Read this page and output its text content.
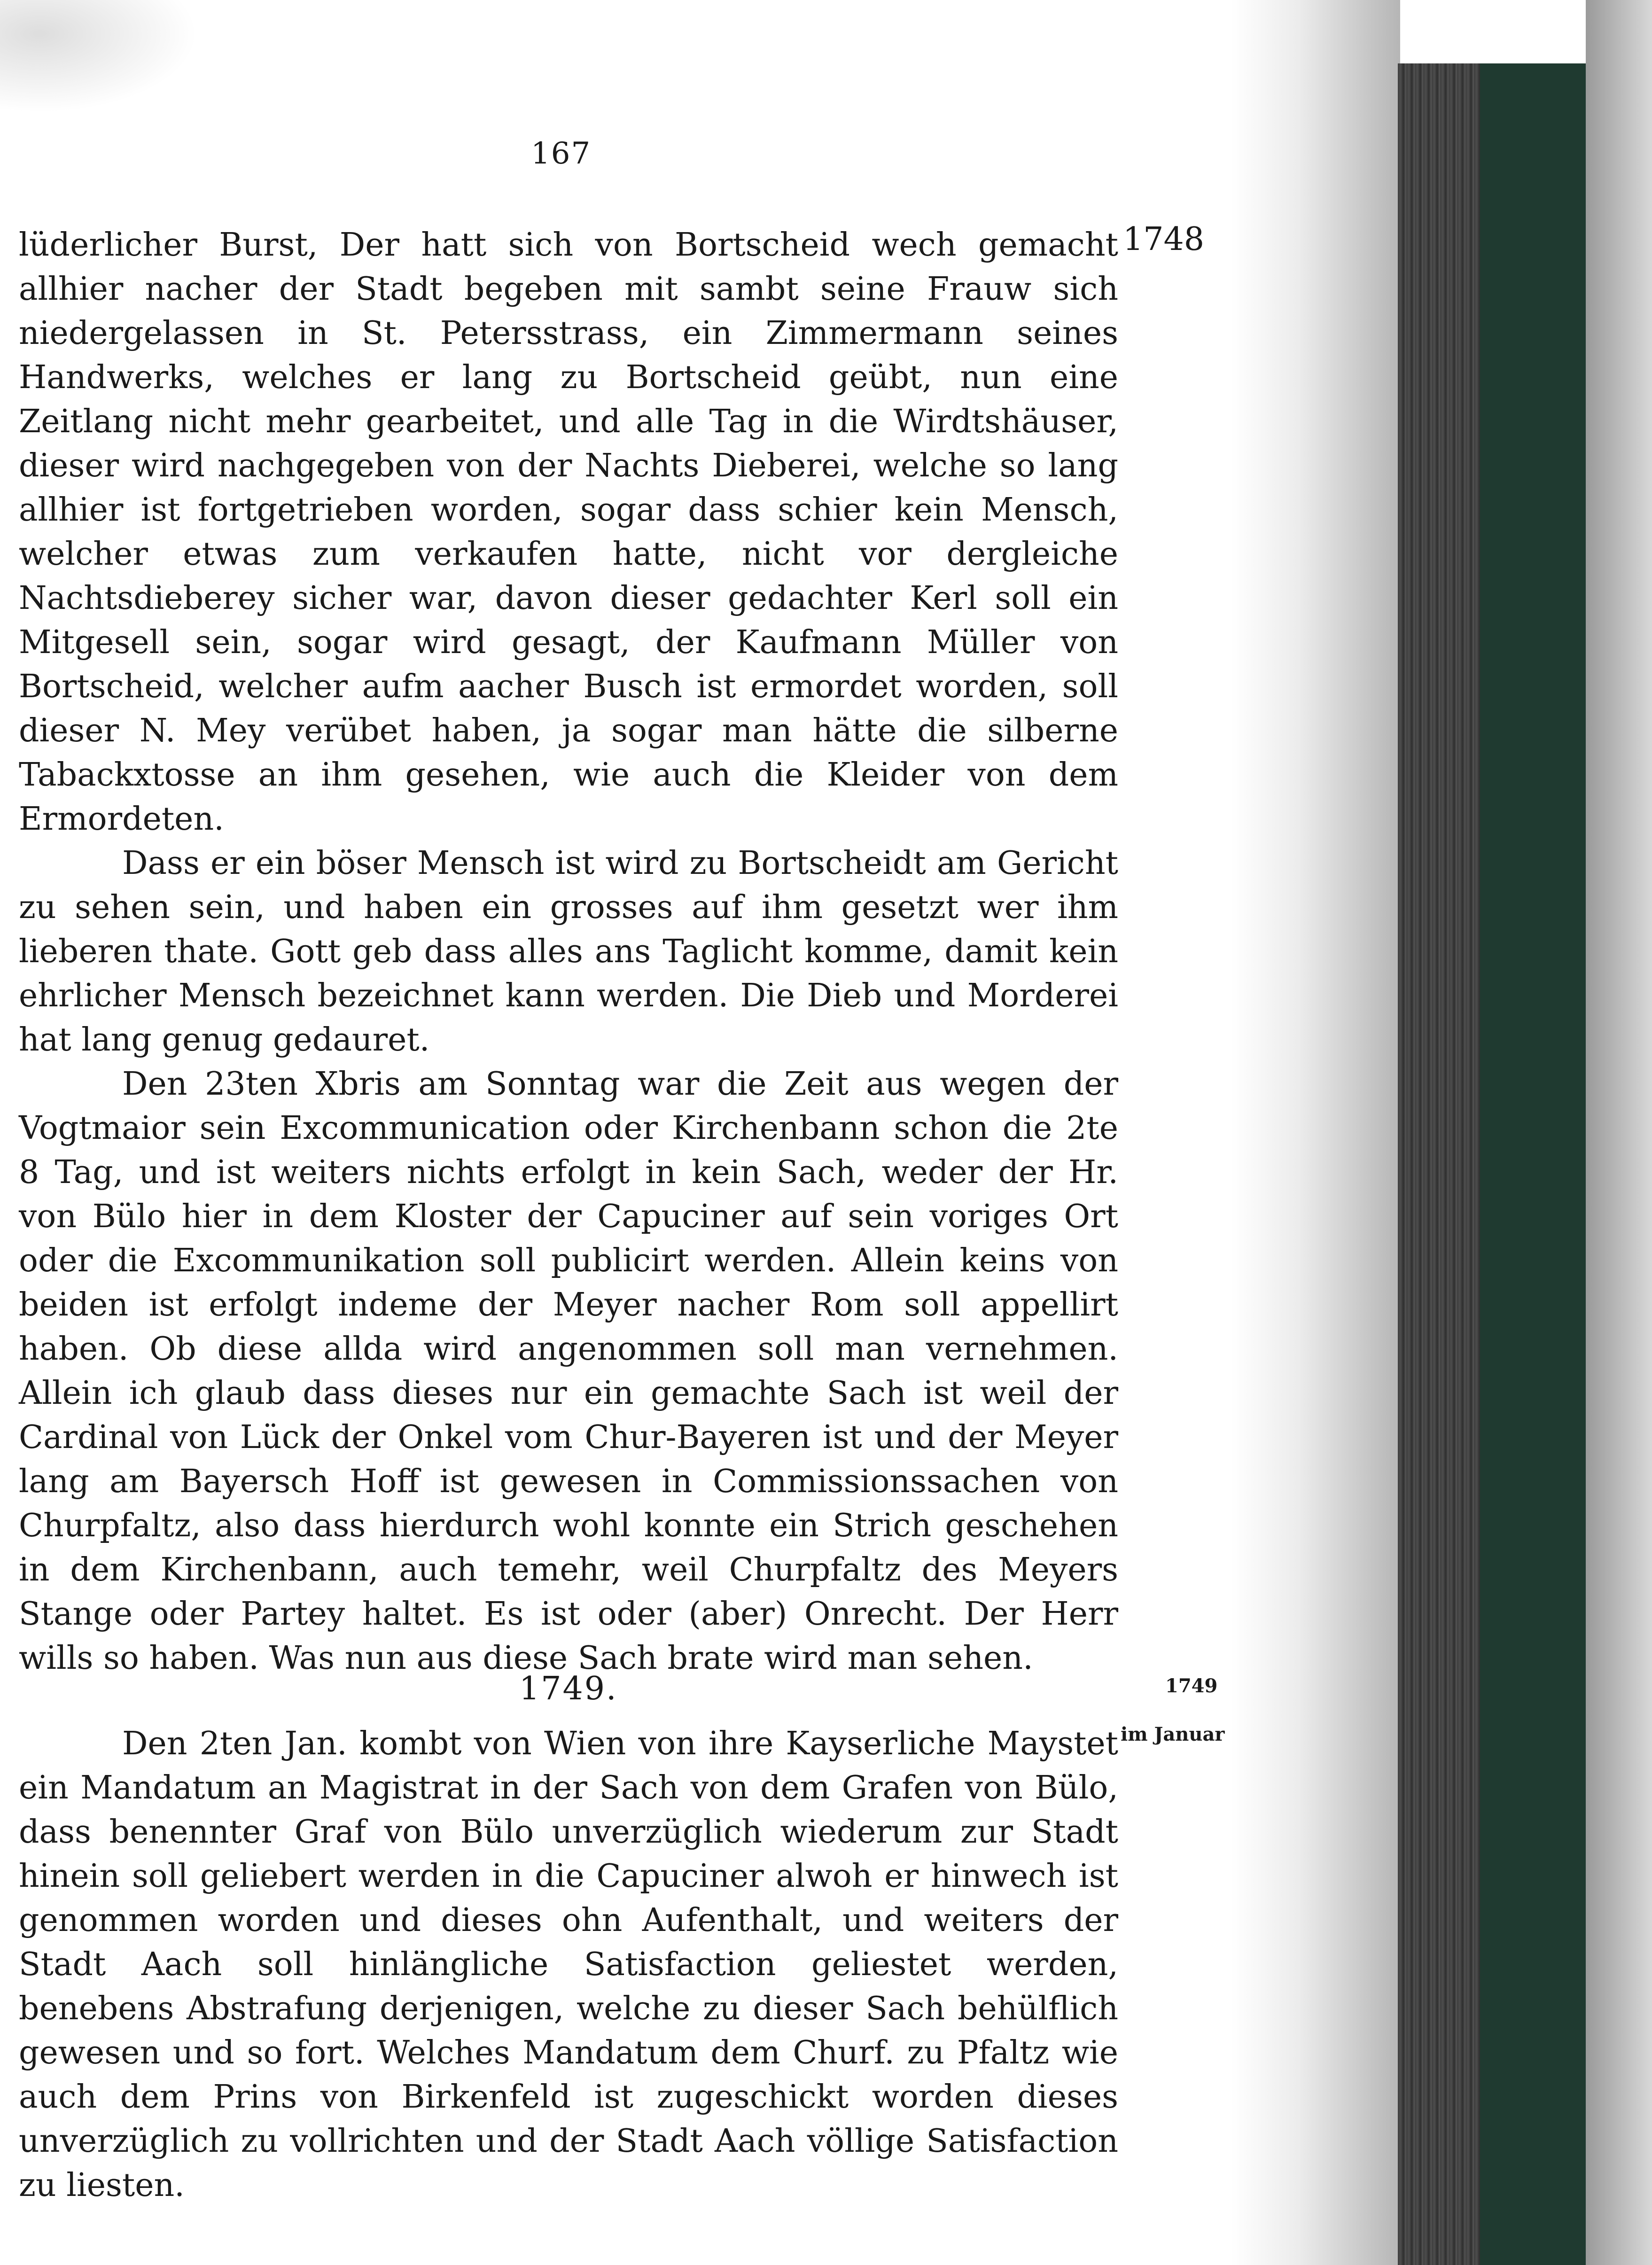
167
1748

lüderlicher Burst, Der hatt sich von Bortscheid wech gemacht allhier nacher der Stadt begeben mit sambt seine Frauw sich niedergelassen in St. Petersstrass, ein Zimmermann seines Handwerks, welches er lang zu Bortscheid geübt, nun eine Zeitlang nicht mehr gearbeitet, und alle Tag in die Wirdtshäuser, dieser wird nachgegeben von der Nachts Dieberei, welche so lang allhier ist fortgetrieben worden, sogar dass schier kein Mensch, welcher etwas zum verkaufen hatte, nicht vor dergleiche Nachtsdieberey sicher war, davon dieser gedachter Kerl soll ein Mitgesell sein, sogar wird gesagt, der Kaufmann Müller von Bortscheid, welcher aufm aacher Busch ist ermordet worden, soll dieser N. Mey verübet haben, ja sogar man hätte die silberne Tabackxtosse an ihm gesehen, wie auch die Kleider von dem Ermordeten.

Dass er ein böser Mensch ist wird zu Bortscheidt am Gericht zu sehen sein, und haben ein grosses auf ihm gesetzt wer ihm lieberen thate. Gott geb dass alles ans Taglicht komme, damit kein ehrlicher Mensch bezeichnet kann werden. Die Dieb und Morderei hat lang genug gedauret.

Den 23ten Xbris am Sonntag war die Zeit aus wegen der Vogtmaior sein Excommunication oder Kirchenbann schon die 2te 8 Tag, und ist weiters nichts erfolgt in kein Sach, weder der Hr. von Bülo hier in dem Kloster der Capuciner auf sein voriges Ort oder die Excommunikation soll publicirt werden. Allein keins von beiden ist erfolgt indeme der Meyer nacher Rom soll appellirt haben. Ob diese allda wird angenommen soll man vernehmen. Allein ich glaub dass dieses nur ein gemachte Sach ist weil der Cardinal von Lück der Onkel vom Chur-Bayeren ist und der Meyer lang am Bayersch Hoff ist gewesen in Commissionssachen von Churpfaltz, also dass hierdurch wohl konnte ein Strich geschehen in dem Kirchenbann, auch temehr, weil Churpfaltz des Meyers Stange oder Partey haltet. Es ist oder (aber) Onrecht. Der Herr wills so haben. Was nun aus diese Sach brate wird man sehen.

1749.	1749
im Januar

Den 2ten Jan. kombt von Wien von ihre Kayserliche Maystet ein Mandatum an Magistrat in der Sach von dem Grafen von Bülo, dass benennter Graf von Bülo unverzüglich wiederum zur Stadt hinein soll geliebert werden in die Capuciner alwoh er hinwech ist genommen worden und dieses ohn Aufenthalt, und weiters der Stadt Aach soll hinlängliche Satisfaction geliestet werden, benebens Abstrafung derjenigen, welche zu dieser Sach behülflich gewesen und so fort. Welches Mandatum dem Churf. zu Pfaltz wie auch dem Prins von Birkenfeld ist zugeschickt worden dieses unverzüglich zu vollrichten und der Stadt Aach völlige Satisfaction zu liesten.
